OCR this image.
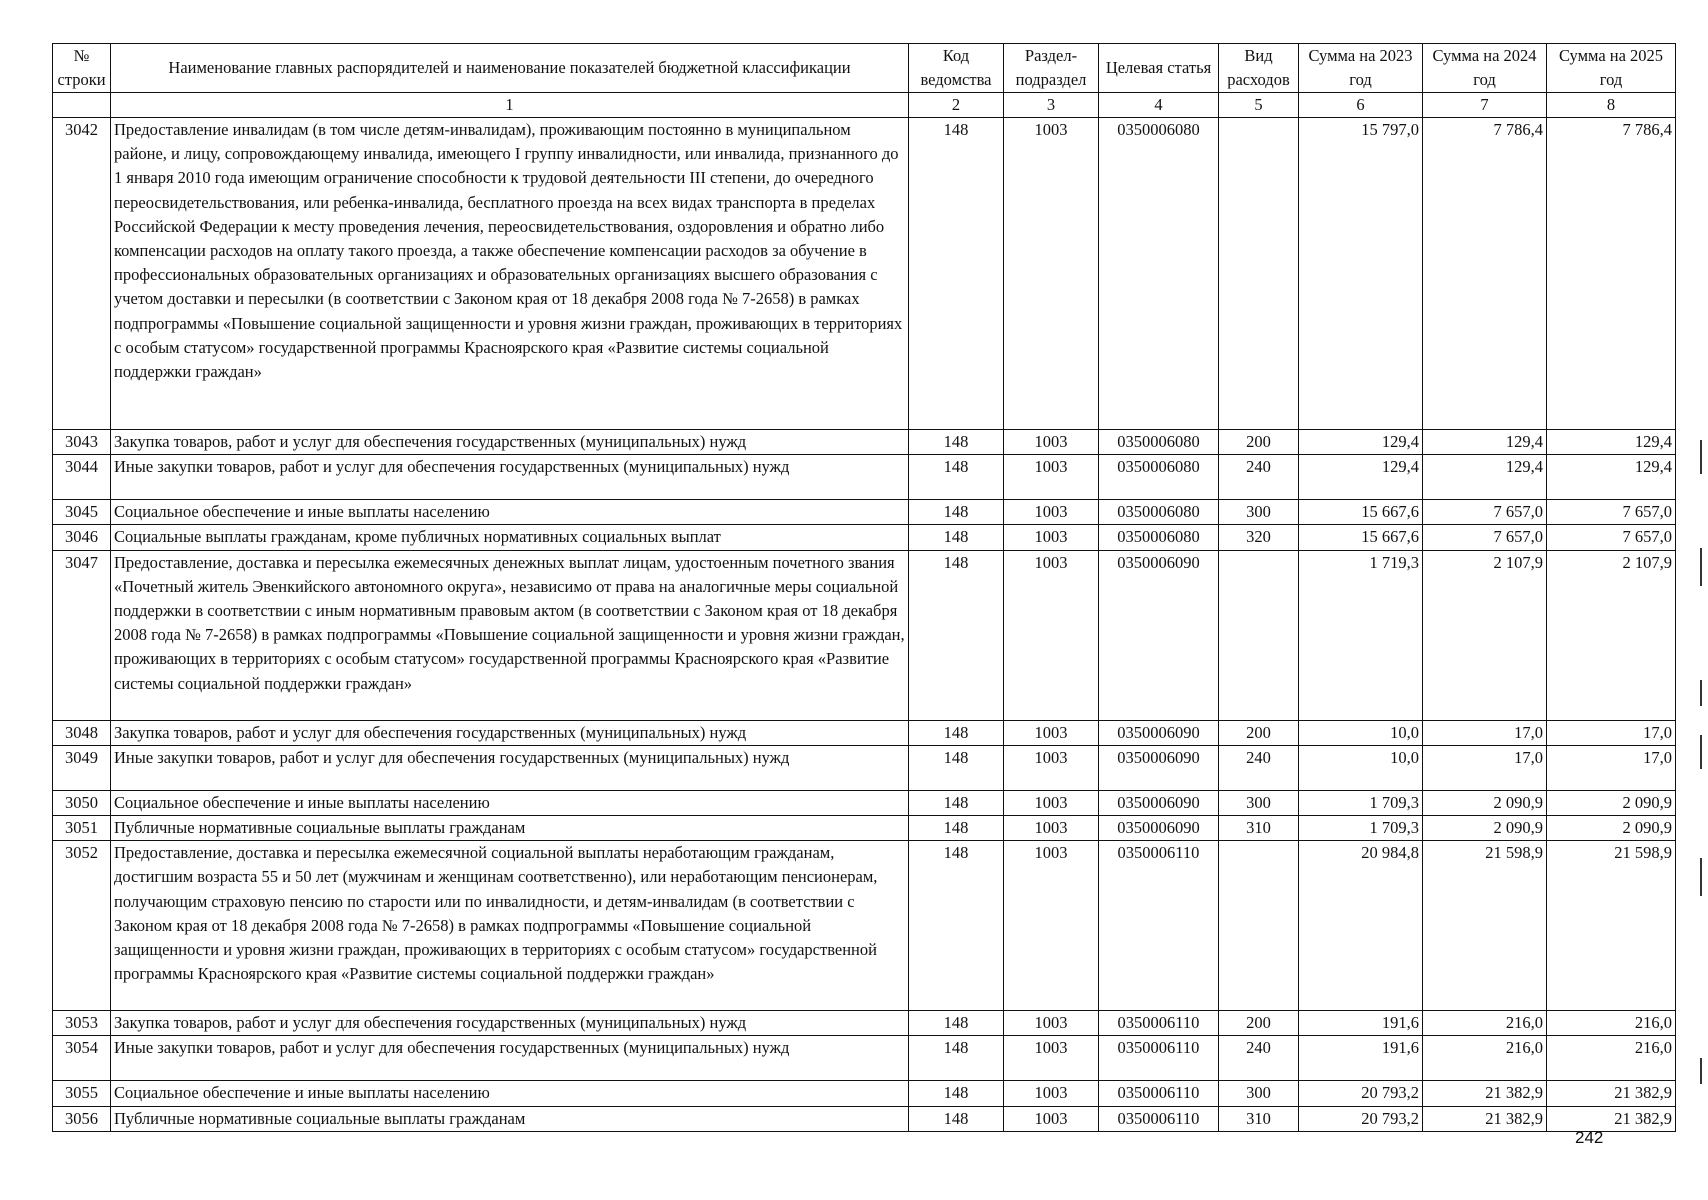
№ строки	Наименование главных распорядителей и наименование показателей бюджетной классификации	Код ведомства	Раздел-подраздел	Целевая статья	Вид расходов	Сумма на 2023 год	Сумма на 2024 год	Сумма на 2025 год
	1	2	3	4	5	6	7	8
3042	Предоставление инвалидам (в том числе детям-инвалидам), проживающим постоянно в муниципальном районе, и лицу, сопровождающему инвалида, имеющего I группу инвалидности, или инвалида, признанного до 1 января 2010 года имеющим ограничение способности к трудовой деятельности III степени, до очередного переосвидетельствования, или ребенка-инвалида, бесплатного проезда на всех видах транспорта в пределах Российской Федерации к месту проведения лечения, переосвидетельствования, оздоровления и обратно либо компенсации расходов на оплату такого проезда, а также обеспечение компенсации расходов за обучение в профессиональных образовательных организациях и образовательных организациях высшего образования с учетом доставки и пересылки (в соответствии с Законом края от 18 декабря 2008 года № 7-2658) в рамках подпрограммы «Повышение социальной защищенности и уровня жизни граждан, проживающих в территориях с особым статусом» государственной программы Красноярского края «Развитие системы социальной поддержки граждан»	148	1003	0350006080		15 797,0	7 786,4	7 786,4
3043	Закупка товаров, работ и услуг для обеспечения государственных (муниципальных) нужд	148	1003	0350006080	200	129,4	129,4	129,4
3044	Иные закупки товаров, работ и услуг для обеспечения государственных (муниципальных) нужд	148	1003	0350006080	240	129,4	129,4	129,4
3045	Социальное обеспечение и иные выплаты населению	148	1003	0350006080	300	15 667,6	7 657,0	7 657,0
3046	Социальные выплаты гражданам, кроме публичных нормативных социальных выплат	148	1003	0350006080	320	15 667,6	7 657,0	7 657,0
3047	Предоставление, доставка и пересылка ежемесячных денежных выплат лицам, удостоенным почетного звания «Почетный житель Эвенкийского автономного округа», независимо от права на аналогичные меры социальной поддержки в соответствии с иным нормативным правовым актом (в соответствии с Законом края от 18 декабря 2008 года № 7-2658) в рамках подпрограммы «Повышение социальной защищенности и уровня жизни граждан, проживающих в территориях с особым статусом» государственной программы Красноярского края «Развитие системы социальной поддержки граждан»	148	1003	0350006090		1 719,3	2 107,9	2 107,9
3048	Закупка товаров, работ и услуг для обеспечения государственных (муниципальных) нужд	148	1003	0350006090	200	10,0	17,0	17,0
3049	Иные закупки товаров, работ и услуг для обеспечения государственных (муниципальных) нужд	148	1003	0350006090	240	10,0	17,0	17,0
3050	Социальное обеспечение и иные выплаты населению	148	1003	0350006090	300	1 709,3	2 090,9	2 090,9
3051	Публичные нормативные социальные выплаты гражданам	148	1003	0350006090	310	1 709,3	2 090,9	2 090,9
3052	Предоставление, доставка и пересылка ежемесячной социальной выплаты неработающим гражданам, достигшим возраста 55 и 50 лет (мужчинам и женщинам соответственно), или неработающим пенсионерам, получающим страховую пенсию по старости или по инвалидности, и детям-инвалидам (в соответствии с Законом края от 18 декабря 2008 года № 7-2658) в рамках подпрограммы «Повышение социальной защищенности и уровня жизни граждан, проживающих в территориях с особым статусом» государственной программы Красноярского края «Развитие системы социальной поддержки граждан»	148	1003	0350006110		20 984,8	21 598,9	21 598,9
3053	Закупка товаров, работ и услуг для обеспечения государственных (муниципальных) нужд	148	1003	0350006110	200	191,6	216,0	216,0
3054	Иные закупки товаров, работ и услуг для обеспечения государственных (муниципальных) нужд	148	1003	0350006110	240	191,6	216,0	216,0
3055	Социальное обеспечение и иные выплаты населению	148	1003	0350006110	300	20 793,2	21 382,9	21 382,9
3056	Публичные нормативные социальные выплаты гражданам	148	1003	0350006110	310	20 793,2	21 382,9	21 382,9
242
